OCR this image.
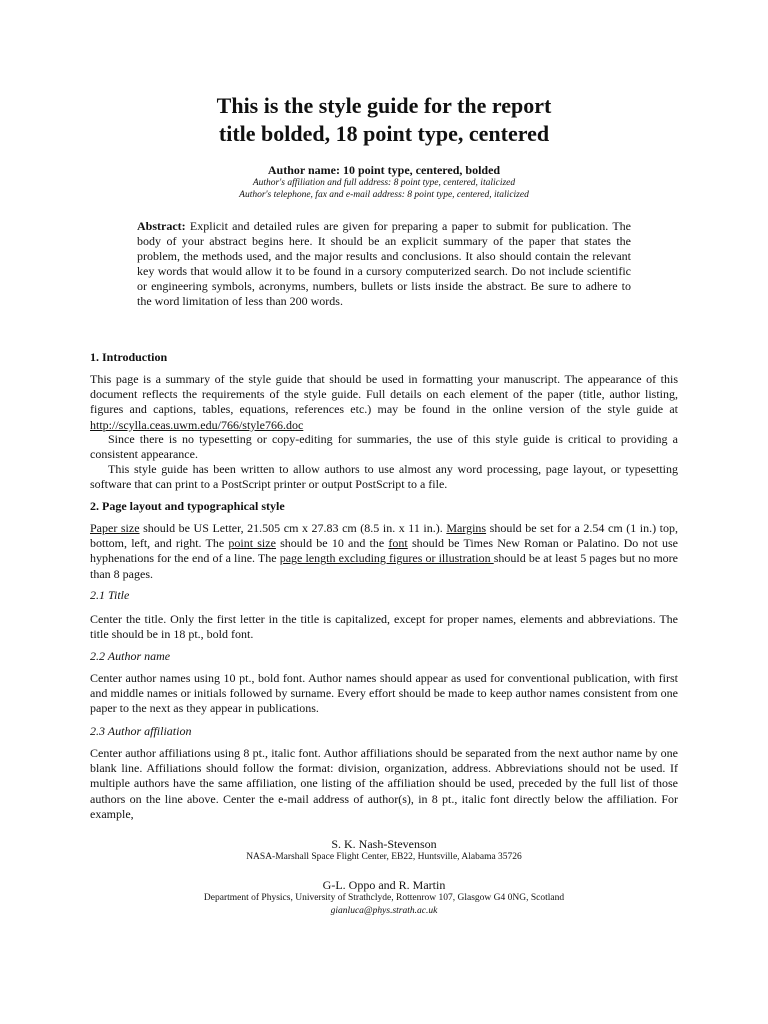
This is the style guide for the report
title bolded, 18 point type, centered
Author name: 10 point type, centered, bolded
Author's affiliation and full address: 8 point type, centered, italicized
Author's telephone, fax and e-mail address: 8 point type, centered, italicized

Abstract: Explicit and detailed rules are given for preparing a paper to submit for publication. The body of your abstract begins here. It should be an explicit summary of the paper that states the problem, the methods used, and the major results and conclusions. It also should contain the relevant key words that would allow it to be found in a cursory computerized search. Do not include scientific or engineering symbols, acronyms, numbers, bullets or lists inside the abstract. Be sure to adhere to the word limitation of less than 200 words.

1. Introduction

This page is a summary of the style guide that should be used in formatting your manuscript. The appearance of this document reflects the requirements of the style guide. Full details on each element of the paper (title, author listing, figures and captions, tables, equations, references etc.) may be found in the online version of the style guide at http://scylla.ceas.uwm.edu/766/style766.doc

Since there is no typesetting or copy-editing for summaries, the use of this style guide is critical to providing a consistent appearance.

This style guide has been written to allow authors to use almost any word processing, page layout, or typesetting software that can print to a PostScript printer or output PostScript to a file.

2. Page layout and typographical style

Paper size should be US Letter, 21.505 cm x 27.83 cm (8.5 in. x 11 in.). Margins should be set for a 2.54 cm (1 in.) top, bottom, left, and right. The point size should be 10 and the font should be Times New Roman or Palatino. Do not use hyphenations for the end of a line. The page length excluding figures or illustration should be at least 5 pages but no more than 8 pages.

2.1 Title

Center the title. Only the first letter in the title is capitalized, except for proper names, elements and abbreviations. The title should be in 18 pt., bold font.

2.2 Author name

Center author names using 10 pt., bold font. Author names should appear as used for conventional publication, with first and middle names or initials followed by surname. Every effort should be made to keep author names consistent from one paper to the next as they appear in publications.

2.3 Author affiliation

Center author affiliations using 8 pt., italic font. Author affiliations should be separated from the next author name by one blank line. Affiliations should follow the format: division, organization, address. Abbreviations should not be used. If multiple authors have the same affiliation, one listing of the affiliation should be used, preceded by the full list of those authors on the line above. Center the e-mail address of author(s), in 8 pt., italic font directly below the affiliation. For example,

S. K. Nash-Stevenson

NASA-Marshall Space Flight Center, EB22, Huntsville, Alabama 35726

G-L. Oppo and R. Martin

Department of Physics, University of Strathclyde, Rottenrow 107, Glasgow G4 0NG, Scotland

gianluca@phys.strath.ac.uk
